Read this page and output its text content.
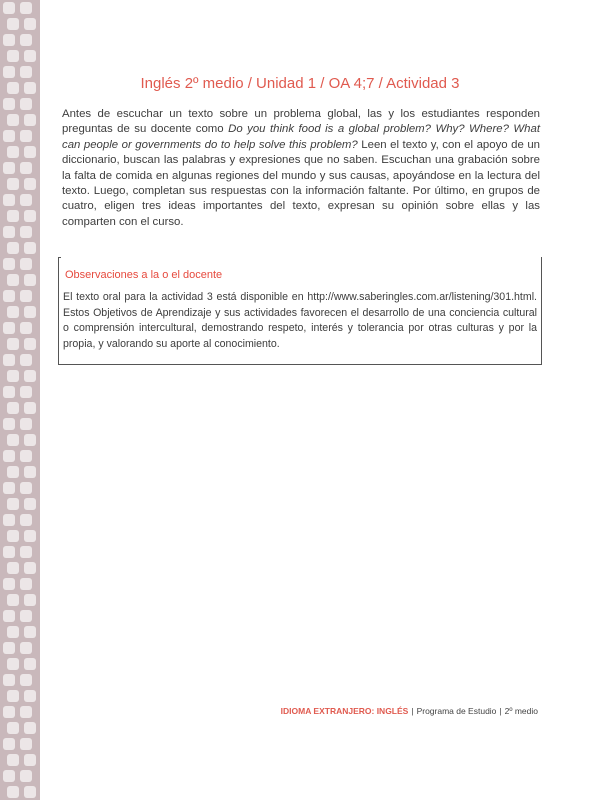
Inglés 2º medio / Unidad 1 / OA 4;7 / Actividad 3
Antes de escuchar un texto sobre un problema global, las y los estudiantes responden preguntas de su docente como Do you think food is a global problem? Why? Where? What can people or governments do to help solve this problem? Leen el texto y, con el apoyo de un diccionario, buscan las palabras y expresiones que no saben. Escuchan una grabación sobre la falta de comida en algunas regiones del mundo y sus causas, apoyándose en la lectura del texto. Luego, completan sus respuestas con la información faltante. Por último, en grupos de cuatro, eligen tres ideas importantes del texto, expresan su opinión sobre ellas y las comparten con el curso.
Observaciones a la o el docente
El texto oral para la actividad 3 está disponible en http://www.saberingles.com.ar/listening/301.html. Estos Objetivos de Aprendizaje y sus actividades favorecen el desarrollo de una conciencia cultural o comprensión intercultural, demostrando respeto, interés y tolerancia por otras culturas y por la propia, y valorando su aporte al conocimiento.
IDIOMA EXTRANJERO: INGLÉS | Programa de Estudio | 2º medio
